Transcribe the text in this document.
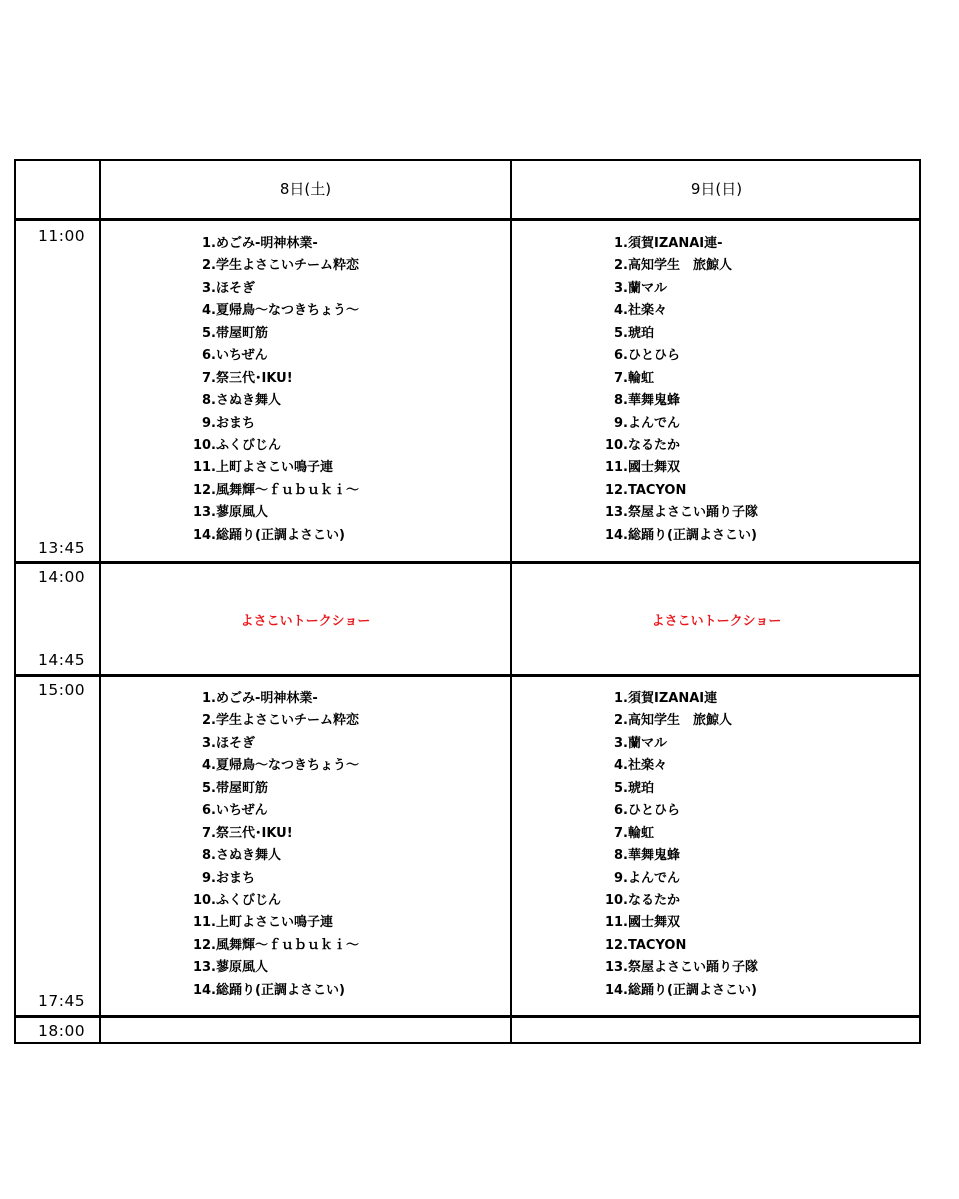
8日(土)	9日(日)
11:00
13:45
14:00
14:45
15:00
17:45
18:00
1.めごみ-明神林業-
2.学生よさこいチーム粋恋
3.ほそぎ
4.夏帰鳥～なつきちょう～
5.帯屋町筋
6.いちぜん
7.祭三代･IKU!
8.さぬき舞人
9.おまち
10.ふくびじん
11.上町よさこい鳴子連
12.風舞輝～ｆｕｂｕｋｉ～
13.蓼原風人
14.総踊り(正調よさこい)
1.須賀IZANAI連-
2.高知学生　旅鯨人
3.蘭マル
4.社楽々
5.琥珀
6.ひとひら
7.輪虹
8.華舞鬼蜂
9.よんでん
10.なるたか
11.國士舞双
12.TACYON
13.祭屋よさこい踊り子隊
14.総踊り(正調よさこい)
よさこいトークショー	よさこいトークショー
1.めごみ-明神林業-
2.学生よさこいチーム粋恋
3.ほそぎ
4.夏帰鳥～なつきちょう～
5.帯屋町筋
6.いちぜん
7.祭三代･IKU!
8.さぬき舞人
9.おまち
10.ふくびじん
11.上町よさこい鳴子連
12.風舞輝～ｆｕｂｕｋｉ～
13.蓼原風人
14.総踊り(正調よさこい)
1.須賀IZANAI連
2.高知学生　旅鯨人
3.蘭マル
4.社楽々
5.琥珀
6.ひとひら
7.輪虹
8.華舞鬼蜂
9.よんでん
10.なるたか
11.國士舞双
12.TACYON
13.祭屋よさこい踊り子隊
14.総踊り(正調よさこい)
